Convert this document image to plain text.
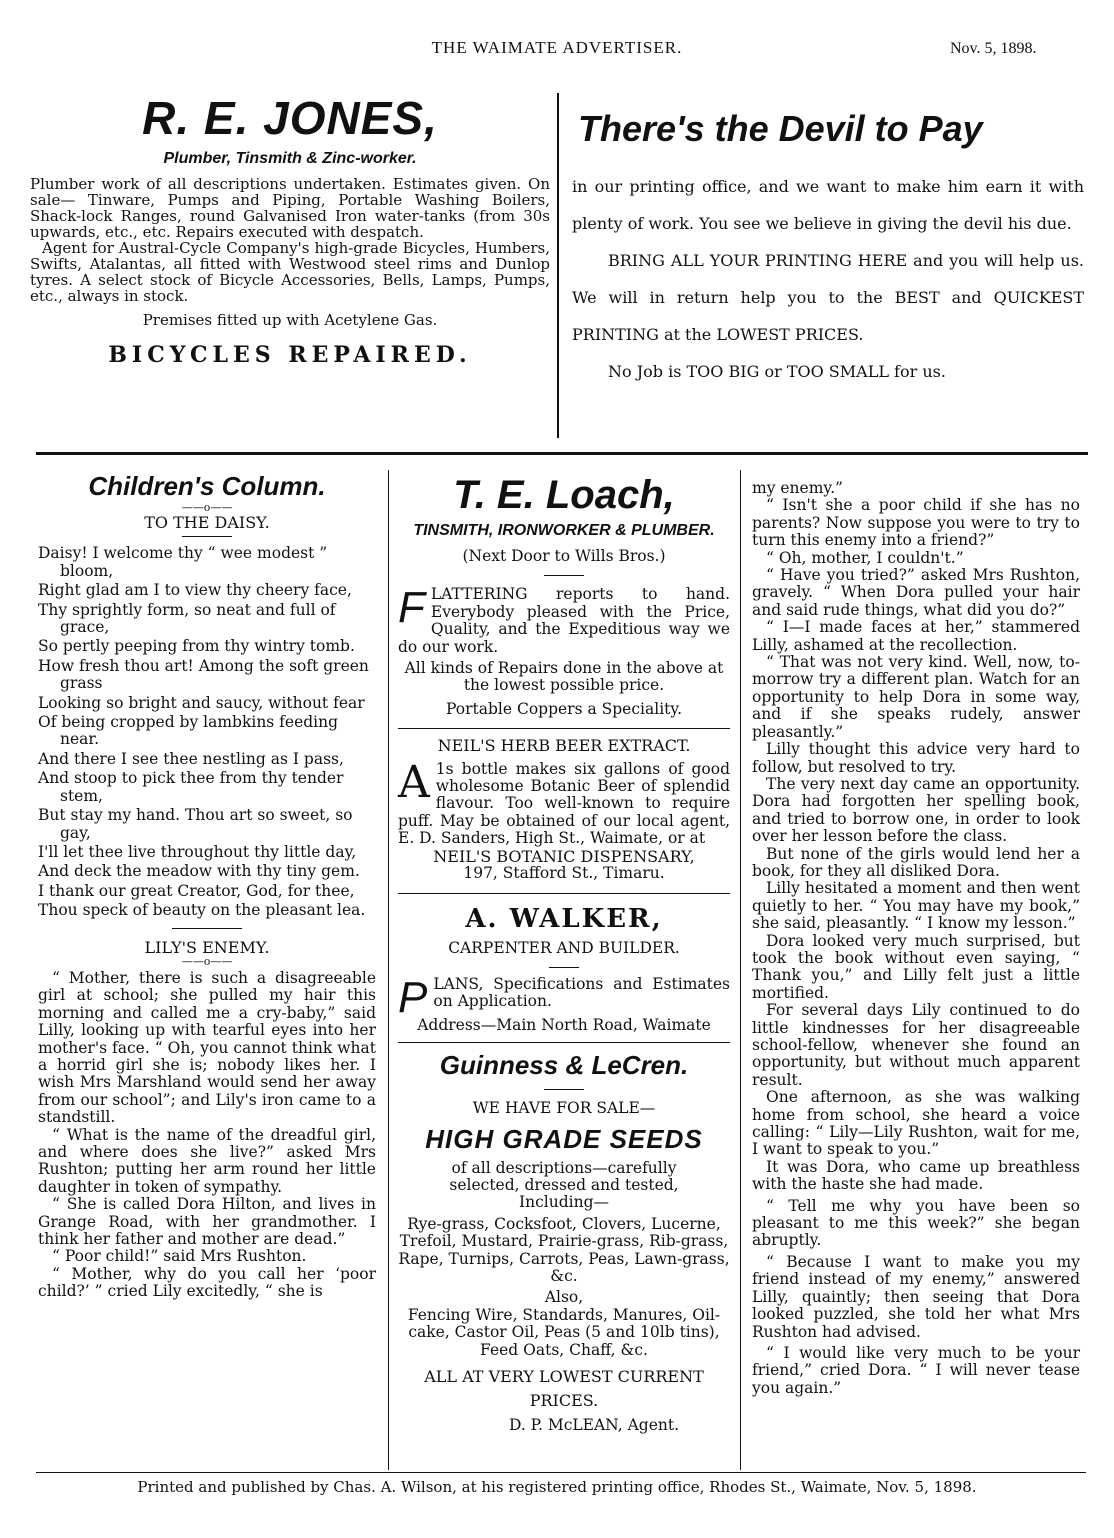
THE WAIMATE ADVERTISER.	Nov. 5, 1898.
R. E. JONES,
Plumber, Tinsmith & Zinc-worker.

Plumber work of all descriptions undertaken. Estimates given. On sale— Tinware, Pumps and Piping, Portable Washing Boilers, Shack-lock Ranges, round Galvanised Iron water-tanks (from 30s upwards, etc., etc. Repairs executed with despatch.

Agent for Austral-Cycle Company's high-grade Bicycles, Humbers, Swifts, Atalantas, all fitted with Westwood steel rims and Dunlop tyres. A select stock of Bicycle Accessories, Bells, Lamps, Pumps, etc., always in stock.

Premises fitted up with Acetylene Gas.

BICYCLES REPAIRED.
There's the Devil to Pay

in our printing office, and we want to make him earn it with plenty of work. You see we believe in giving the devil his due.

BRING ALL YOUR PRINTING HERE and you will help us. We will in return help you to the BEST and QUICKEST PRINTING at the LOWEST PRICES.

No Job is TOO BIG or TOO SMALL for us.

Children's Column.
——o——
TO THE DAISY.

Daisy! I welcome thy “ wee modest ” bloom,

Right glad am I to view thy cheery face,

Thy sprightly form, so neat and full of grace,

So pertly peeping from thy wintry tomb.

How fresh thou art! Among the soft green grass

Looking so bright and saucy, without fear

Of being cropped by lambkins feeding near.

And there I see thee nestling as I pass,

And stoop to pick thee from thy tender stem,

But stay my hand. Thou art so sweet, so gay,

I'll let thee live throughout thy little day,

And deck the meadow with thy tiny gem.

I thank our great Creator, God, for thee,

Thou speck of beauty on the pleasant lea.

LILY'S ENEMY.
——o——

“ Mother, there is such a disagreeable girl at school; she pulled my hair this morning and called me a cry-baby,” said Lilly, looking up with tearful eyes into her mother's face. “ Oh, you cannot think what a horrid girl she is; nobody likes her. I wish Mrs Marshland would send her away from our school”; and Lily's iron came to a standstill.

“ What is the name of the dreadful girl, and where does she live?” asked Mrs Rushton; putting her arm round her little daughter in token of sympathy.

“ She is called Dora Hilton, and lives in Grange Road, with her grandmother. I think her father and mother are dead.”

“ Poor child!” said Mrs Rushton.

“ Mother, why do you call her ‘poor child?’ ” cried Lily excitedly, “ she is

T. E. Loach,
TINSMITH, IRONWORKER & PLUMBER.
(Next Door to Wills Bros.)

FLATTERING reports to hand. Everybody pleased with the Price, Quality, and the Expeditious way we do our work.

All kinds of Repairs done in the above at the lowest possible price.

Portable Coppers a Speciality.

NEIL'S HERB BEER EXTRACT.

A 1s bottle makes six gallons of good wholesome Botanic Beer of splendid flavour. Too well-known to require puff. May be obtained of our local agent, E. D. Sanders, High St., Waimate, or at

NEIL'S BOTANIC DISPENSARY,
197, Stafford St., Timaru.
A. WALKER,
CARPENTER AND BUILDER.

PLANS, Specifications and Estimates on Application.

Address—Main North Road, Waimate

Guinness & LeCren.
WE HAVE FOR SALE—
HIGH GRADE SEEDS

of all descriptions—carefully selected, dressed and tested, Including—

Rye-grass, Cocksfoot, Clovers, Lucerne, Trefoil, Mustard, Prairie-grass, Rib-grass, Rape, Turnips, Carrots, Peas, Lawn-grass, &c.

Also,

Fencing Wire, Standards, Manures, Oil-cake, Castor Oil, Peas (5 and 10lb tins), Feed Oats, Chaff, &c.

ALL AT VERY LOWEST CURRENT PRICES.

D. P. McLEAN, Agent.

my enemy.”

“ Isn't she a poor child if she has no parents? Now suppose you were to try to turn this enemy into a friend?”

“ Oh, mother, I couldn't.”

“ Have you tried?” asked Mrs Rushton, gravely. “ When Dora pulled your hair and said rude things, what did you do?”

“ I—I made faces at her,” stammered Lilly, ashamed at the recollection.

“ That was not very kind. Well, now, to-morrow try a different plan. Watch for an opportunity to help Dora in some way, and if she speaks rudely, answer pleasantly.”

Lilly thought this advice very hard to follow, but resolved to try.

The very next day came an opportunity. Dora had forgotten her spelling book, and tried to borrow one, in order to look over her lesson before the class.

But none of the girls would lend her a book, for they all disliked Dora.

Lilly hesitated a moment and then went quietly to her. “ You may have my book,” she said, pleasantly. “ I know my lesson.”

Dora looked very much surprised, but took the book without even saying, “ Thank you,” and Lilly felt just a little mortified.

For several days Lily continued to do little kindnesses for her disagreeable school-fellow, whenever she found an opportunity, but without much apparent result.

One afternoon, as she was walking home from school, she heard a voice calling: “ Lily—Lily Rushton, wait for me, I want to speak to you.”

It was Dora, who came up breathless with the haste she had made.

“ Tell me why you have been so pleasant to me this week?” she began abruptly.

“ Because I want to make you my friend instead of my enemy,” answered Lilly, quaintly; then seeing that Dora looked puzzled, she told her what Mrs Rushton had advised.

“ I would like very much to be your friend,” cried Dora. “ I will never tease you again.”

Printed and published by Chas. A. Wilson, at his registered printing office, Rhodes St., Waimate, Nov. 5, 1898.
